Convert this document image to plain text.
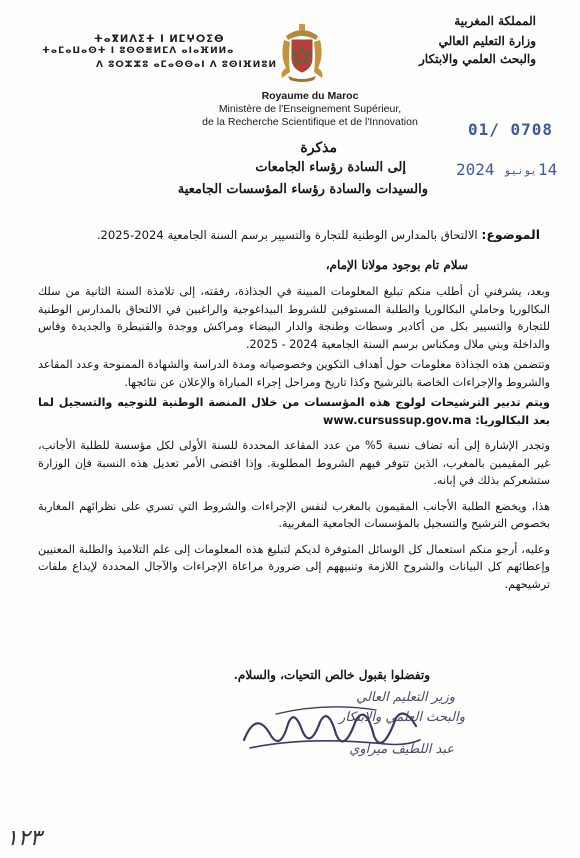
ⵜⴰⴳⵍⴷⵉⵜ ⵏ ⵍⵎⵖⵔⵉⴱ
ⵜⴰⵎⴰⵡⴰⵙⵜ ⵏ ⵓⵙⵙⴻⵍⵎⴷ ⴰⵏⴰⴼⵍⵍⴰ
ⴷ ⵓⵔⵣⵣⵓ ⴰⵎⴰⵙⵙⴰⵏ ⴷ ⵓⵙⵏⴼⵍⵓⵍ
المملكة المغربية
وزارة التعليم العالي
والبحث العلمي والابتكار
Royaume du Maroc
Ministère de l'Enseignement Supérieur,
de la Recherche Scientifique et de l'Innovation	01/ 0708
مذكرة
2024 يونيو 14
إلى السادة رؤساء الجامعات
والسيدات والسادة رؤساء المؤسسات الجامعية
الموضوع: الالتحاق بالمدارس الوطنية للتجارة والتسيير برسم السنة الجامعية 2024-2025.
سلام تام بوجود مولانا الإمام،

وبعد، يشرفني أن أطلب منكم تبليغ المعلومات المبينة في الجذاذة، رفقته، إلى تلامذة السنة الثانية من سلك البكالوريا وحاملي البكالوريا والطلبة المستوفين للشروط البيداغوجية والراغبين في الالتحاق بالمدارس الوطنية للتجارة والتسيير بكل من أكادير وسطات وطنجة والدار البيضاء ومراكش ووجدة والقنيطرة والجديدة وفاس والداخلة وبني ملال ومكناس برسم السنة الجامعية 2024 - 2025.

وتتضمن هذه الجذاذة معلومات حول أهداف التكوين وخصوصياته ومدة الدراسة والشهادة الممنوحة وعدد المقاعد والشروط والإجراءات الخاصة بالترشيح وكذا تاريخ ومراحل إجراء المباراة والإعلان عن نتائجها.

ويتم تدبير الترشيحات لولوج هذه المؤسسات من خلال المنصة الوطنية للتوجيه والتسجيل لما بعد البكالوريا: www.cursussup.gov.ma

وتجدر الإشارة إلى أنه تضاف نسبة 5% من عدد المقاعد المحددة للسنة الأولى لكل مؤسسة للطلبة الأجانب، غير المقيمين بالمغرب، الذين تتوفر فيهم الشروط المطلوبة. وإذا اقتضى الأمر تعديل هذه النسبة فإن الوزارة ستشعركم بذلك في إبانه.

هذا، ويخضع الطلبة الأجانب المقيمون بالمغرب لنفس الإجراءات والشروط التي تسري على نظرائهم المغاربة بخصوص الترشيح والتسجيل بالمؤسسات الجامعية المغربية.

وعليه، أرجو منكم استعمال كل الوسائل المتوفرة لديكم لتبليغ هذه المعلومات إلى علم التلاميذ والطلبة المعنيين وإعطائهم كل البيانات والشروح اللازمة وتنبيههم إلى ضرورة مراعاة الإجراءات والآجال المحددة لإيداع ملفات ترشيحهم.

وتفضلوا بقبول خالص التحيات، والسلام.
وزير التعليم العالي
والبحث العلمي والابتكار
عبد اللطيف ميراوي
١٢٣
